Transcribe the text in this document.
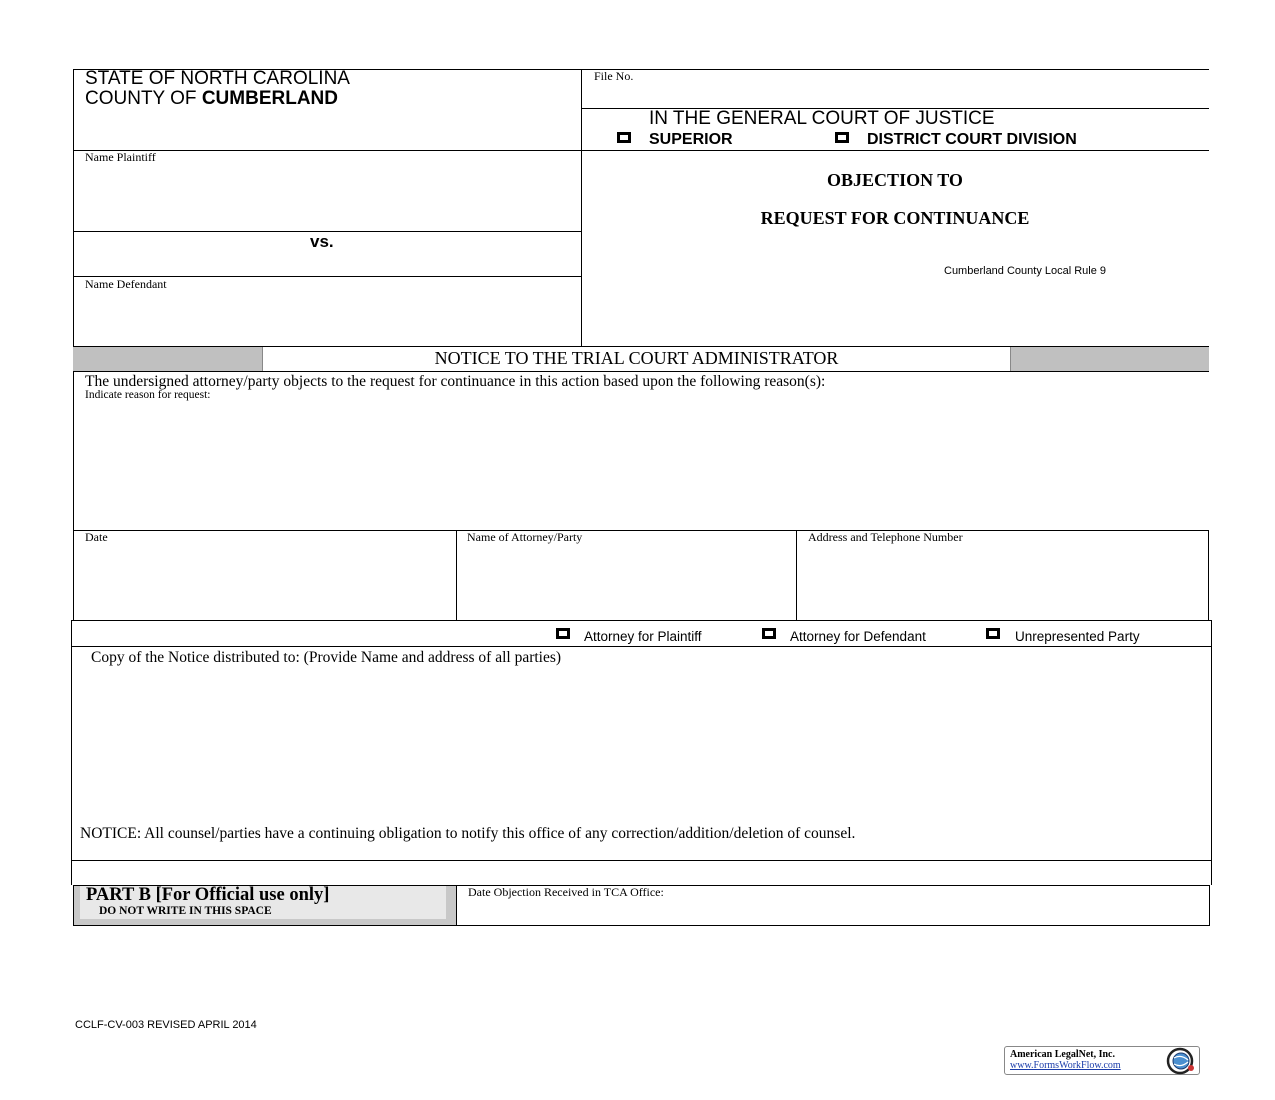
STATE OF NORTH CAROLINA
COUNTY OF CUMBERLAND
File No.
IN THE GENERAL COURT OF JUSTICE
SUPERIOR	DISTRICT COURT DIVISION
Name Plaintiff
vs.
Name Defendant
OBJECTION TO
REQUEST FOR CONTINUANCE
Cumberland County Local Rule 9
NOTICE TO THE TRIAL COURT ADMINISTRATOR
The undersigned attorney/party objects to the request for continuance in this action based upon the following reason(s):
Indicate reason for request:
Date	Name of Attorney/Party	Address and Telephone Number
Attorney for Plaintiff	Attorney for Defendant	Unrepresented Party
Copy of the Notice distributed to: (Provide Name and address of all parties)
NOTICE: All counsel/parties have a continuing obligation to notify this office of any correction/addition/deletion of counsel.
PART B [For Official use only]
DO NOT WRITE IN THIS SPACE
Date Objection Received in TCA Office:
CCLF-CV-003 REVISED APRIL 2014
American LegalNet, Inc.
www.FormsWorkFlow.com
